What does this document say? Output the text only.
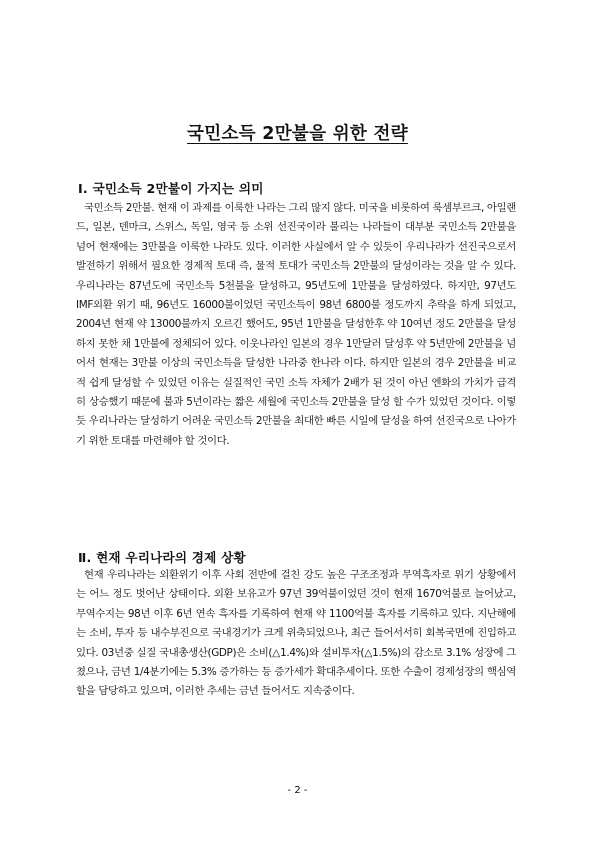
국민소득 2만불을 위한 전략
Ⅰ. 국민소득 2만불이 가지는 의미
국민소득 2만불. 현재 이 과제를 이룩한 나라는 그리 많지 않다. 미국을 비롯하여 룩셈부르크, 아일랜드, 일본, 덴마크, 스위스, 독일, 영국 등 소위 선진국이라 불리는 나라들이 대부분 국민소득 2만불을 넘어 현재에는 3만불을 이룩한 나라도 있다. 이러한 사실에서 알 수 있듯이 우리나라가 선진국으로서 발전하기 위해서 필요한 경제적 토대 즉, 물적 토대가 국민소득 2만불의 달성이라는 것을 알 수 있다. 우리나라는 87년도에 국민소득 5천불을 달성하고, 95년도에 1만불을 달성하였다. 하지만, 97년도 IMF외환 위기 때, 96년도 16000불이었던 국민소득이 98년 6800불 정도까지 추락을 하게 되었고, 2004년 현재 약 13000불까지 오르긴 했어도, 95년 1만불을 달성한후 약 10여년 정도 2만불을 달성 하지 못한 채 1만불에 정체되어 있다. 이웃나라인 일본의 경우 1만달러 달성후 약 5년만에 2만불을 넘어서 현재는 3만불 이상의 국민소득을 달성한 나라중 한나라 이다. 하지만 일본의 경우 2만불을 비교적 쉽게 달성할 수 있었던 이유는 실질적인 국민 소득 자체가 2배가 된 것이 아닌 엔화의 가치가 급격히 상승했기 때문에 불과 5년이라는 짧은 세월에 국민소득 2만불을 달성 할 수가 있었던 것이다. 이렇듯 우리나라는 달성하기 어려운 국민소득 2만불을 최대한 빠른 시일에 달성을 하여 선진국으로 나아가기 위한 토대를 마련해야 할 것이다.
Ⅱ. 현재 우리나라의 경제 상황
현재 우리나라는 외환위기 이후 사회 전반에 걸친 강도 높은 구조조정과 무역흑자로 위기 상황에서는 어느 정도 벗어난 상태이다. 외환 보유고가 97년 39억불이었던 것이 현재 1670억불로 늘어났고, 무역수지는 98년 이후 6년 연속 흑자를 기록하여 현재 약 1100억불 흑자를 기록하고 있다. 지난해에는 소비, 투자 등 내수부진으로 국내경기가 크게 위축되었으나, 최근 들어서서히 회복국면에 진입하고 있다. 03년중 실질 국내총생산(GDP)은 소비(△1.4%)와 설비투자(△1.5%)의 감소로 3.1% 성장에 그쳤으나, 금년 1/4분기에는 5.3% 증가하는 등 증가세가 확대추세이다. 또한 수출이 경제성장의 핵심역할을 담당하고 있으며, 이러한 추세는 금년 들어서도 지속중이다.
- 2 -
